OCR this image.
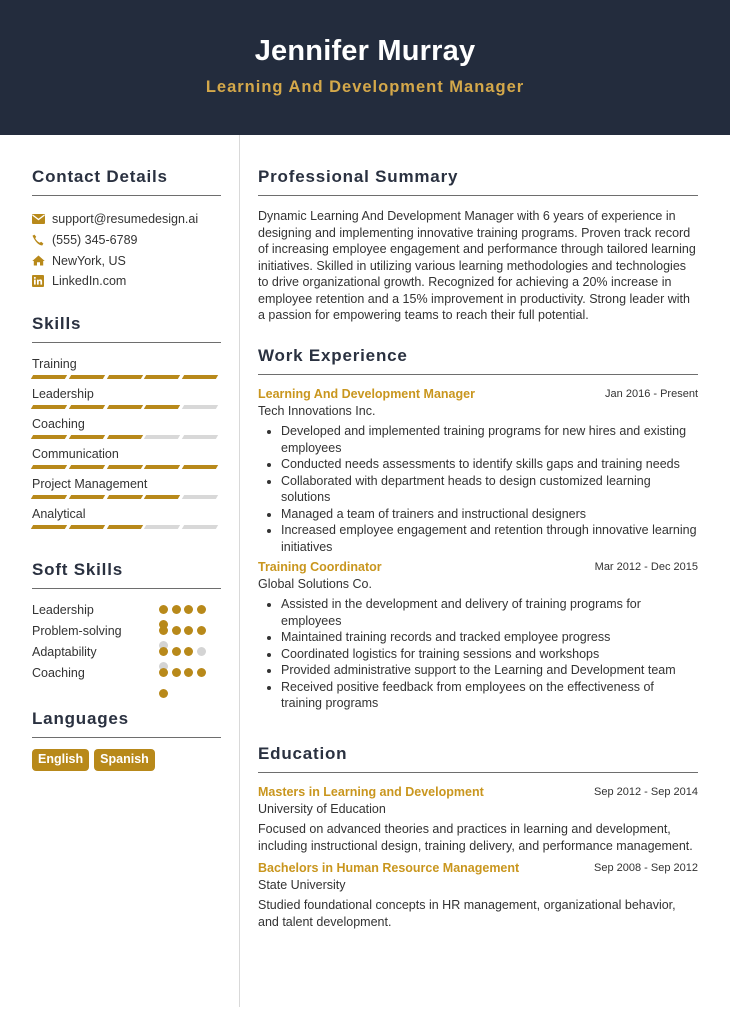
Jennifer Murray
Learning And Development Manager
Contact Details
support@resumedesign.ai
(555) 345-6789
NewYork, US
LinkedIn.com
Skills
Training
Leadership
Coaching
Communication
Project Management
Analytical
Soft Skills
Leadership
Problem-solving
Adaptability
Coaching
Languages
English	Spanish
Professional Summary

Dynamic Learning And Development Manager with 6 years of experience in designing and implementing innovative training programs. Proven track record of increasing employee engagement and performance through tailored learning initiatives. Skilled in utilizing various learning methodologies and technologies to drive organizational growth. Recognized for achieving a 20% increase in employee retention and a 15% improvement in productivity. Strong leader with a passion for empowering teams to reach their full potential.

Work Experience
Learning And Development Manager	Jan 2016 - Present
Tech Innovations Inc.
• Developed and implemented training programs for new hires and existing employees
• Conducted needs assessments to identify skills gaps and training needs
• Collaborated with department heads to design customized learning solutions
• Managed a team of trainers and instructional designers
• Increased employee engagement and retention through innovative learning initiatives
Training Coordinator	Mar 2012 - Dec 2015
Global Solutions Co.
• Assisted in the development and delivery of training programs for employees
• Maintained training records and tracked employee progress
• Coordinated logistics for training sessions and workshops
• Provided administrative support to the Learning and Development team
• Received positive feedback from employees on the effectiveness of training programs
Education
Masters in Learning and Development	Sep 2012 - Sep 2014
University of Education

Focused on advanced theories and practices in learning and development, including instructional design, training delivery, and performance management.

Bachelors in Human Resource Management	Sep 2008 - Sep 2012
State University

Studied foundational concepts in HR management, organizational behavior, and talent development.
